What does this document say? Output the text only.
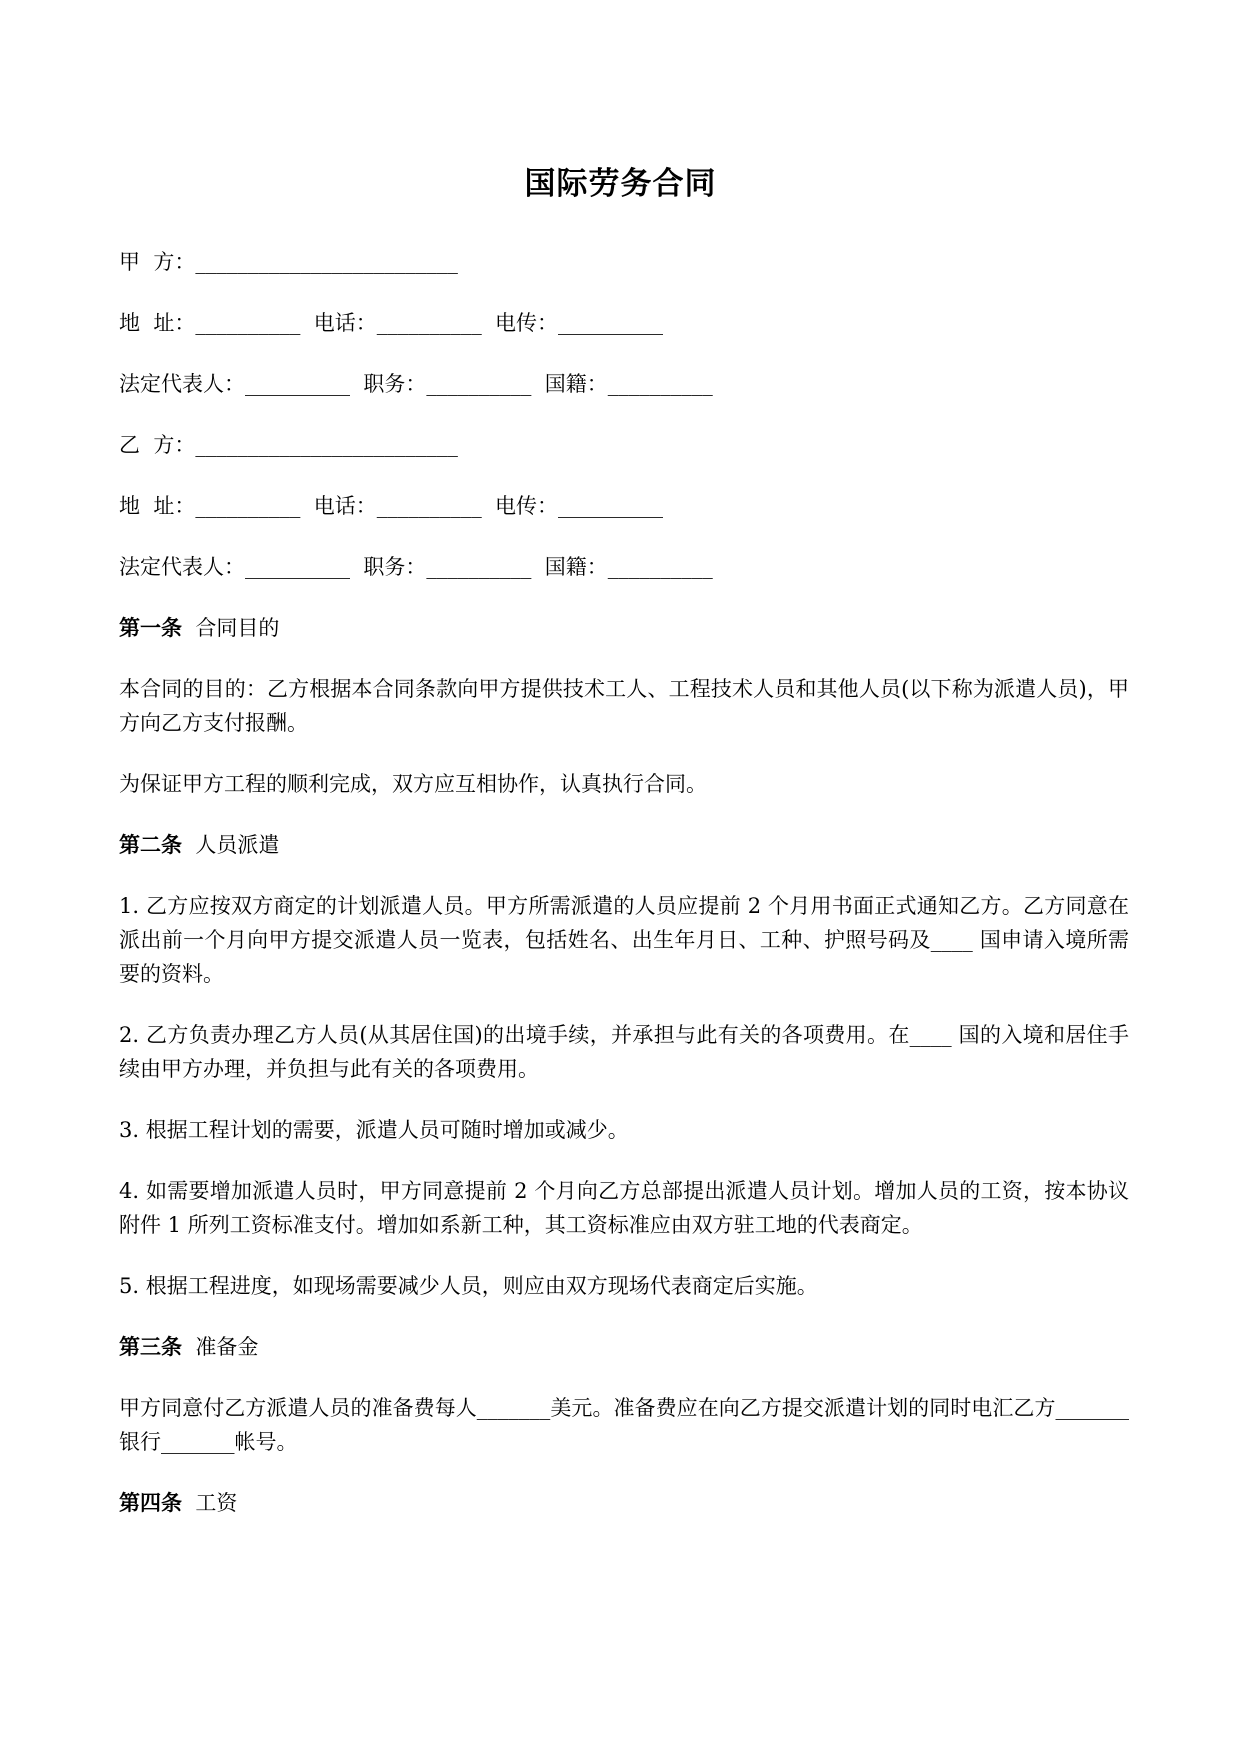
国际劳务合同
甲  方：_________________________
地  址：__________  电话：__________  电传：__________
法定代表人：__________  职务：__________  国籍：__________
乙  方：_________________________
地  址：__________  电话：__________  电传：__________
法定代表人：__________  职务：__________  国籍：__________
第一条 合同目的
本合同的目的：乙方根据本合同条款向甲方提供技术工人、工程技术人员和其他人员(以下称为派遣人员)，甲方向乙方支付报酬。
为保证甲方工程的顺利完成，双方应互相协作，认真执行合同。
第二条 人员派遣
1. 乙方应按双方商定的计划派遣人员。甲方所需派遣的人员应提前 2 个月用书面正式通知乙方。乙方同意在派出前一个月向甲方提交派遣人员一览表，包括姓名、出生年月日、工种、护照号码及____ 国申请入境所需要的资料。
2. 乙方负责办理乙方人员(从其居住国)的出境手续，并承担与此有关的各项费用。在____ 国的入境和居住手续由甲方办理，并负担与此有关的各项费用。
3. 根据工程计划的需要，派遣人员可随时增加或减少。
4. 如需要增加派遣人员时，甲方同意提前 2 个月向乙方总部提出派遣人员计划。增加人员的工资，按本协议附件 1 所列工资标准支付。增加如系新工种，其工资标准应由双方驻工地的代表商定。
5. 根据工程进度，如现场需要减少人员，则应由双方现场代表商定后实施。
第三条 准备金
甲方同意付乙方派遣人员的准备费每人_______美元。准备费应在向乙方提交派遣计划的同时电汇乙方_______银行_______帐号。
第四条 工资
